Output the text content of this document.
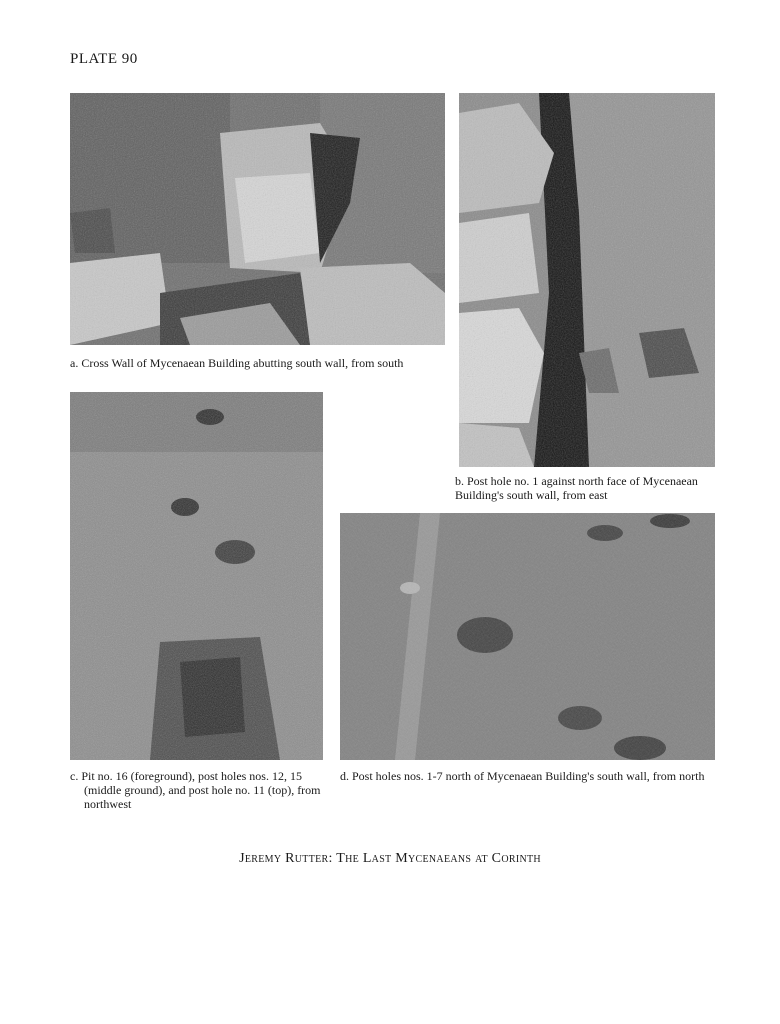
PLATE 90
a. Cross Wall of Mycenaean Building abutting south wall, from south
b. Post hole no. 1 against north face of Mycenaean Building's south wall, from east
c. Pit no. 16 (foreground), post holes nos. 12, 15 (middle ground), and post hole no. 11 (top), from northwest
d. Post holes nos. 1-7 north of Mycenaean Building's south wall, from north
Jeremy Rutter: The Last Mycenaeans at Corinth
